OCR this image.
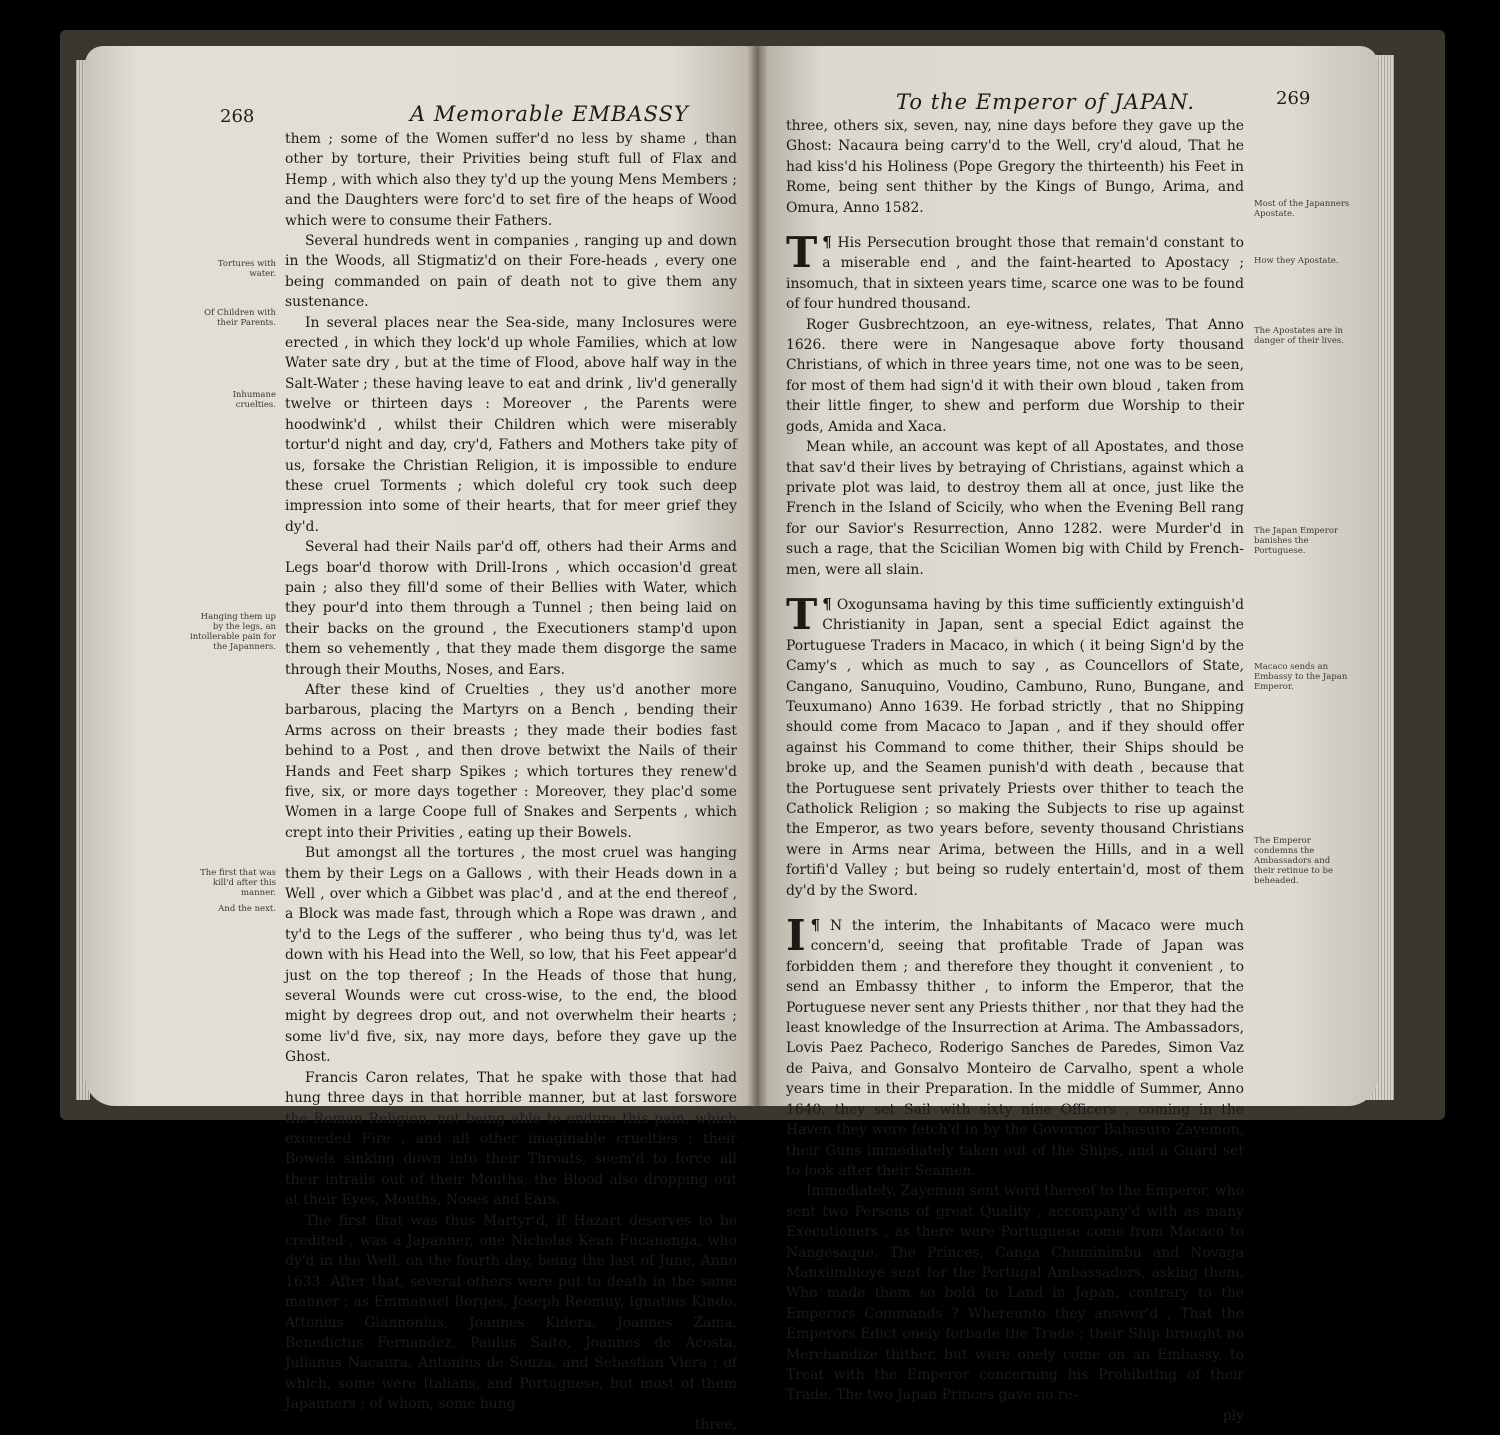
268	A Memorable EMBASSY

them ; some of the Women suffer'd no less by shame , than other by torture, their Privities being stuft full of Flax and Hemp , with which also they ty'd up the young Mens Members ; and the Daughters were forc'd to set fire of the heaps of Wood which were to consume their Fathers.

Several hundreds went in companies , ranging up and down in the Woods, all Stigmatiz'd on their Fore-heads , every one being commanded on pain of death not to give them any sustenance.

In several places near the Sea-side, many Inclosures were erected , in which they lock'd up whole Families, which at low Water sate dry , but at the time of Flood, above half way in the Salt-Water ; these having leave to eat and drink , liv'd generally twelve or thirteen days : Moreover , the Parents were hoodwink'd , whilst their Children which were miserably tortur'd night and day, cry'd, Fathers and Mothers take pity of us, forsake the Christian Religion, it is impossible to endure these cruel Torments ; which doleful cry took such deep impression into some of their hearts, that for meer grief they dy'd.

Several had their Nails par'd off, others had their Arms and Legs boar'd thorow with Drill-Irons , which occasion'd great pain ; also they fill'd some of their Bellies with Water, which they pour'd into them through a Tunnel ; then being laid on their backs on the ground , the Executioners stamp'd upon them so vehemently , that they made them disgorge the same through their Mouths, Noses, and Ears.

After these kind of Cruelties , they us'd another more barbarous, placing the Martyrs on a Bench , bending their Arms across on their breasts ; they made their bodies fast behind to a Post , and then drove betwixt the Nails of their Hands and Feet sharp Spikes ; which tortures they renew'd five, six, or more days together : Moreover, they plac'd some Women in a large Coope full of Snakes and Serpents , which crept into their Privities , eating up their Bowels.

But amongst all the tortures , the most cruel was hanging them by their Legs on a Gallows , with their Heads down in a Well , over which a Gibbet was plac'd , and at the end thereof , a Block was made fast, through which a Rope was drawn , and ty'd to the Legs of the sufferer , who being thus ty'd, was let down with his Head into the Well, so low, that his Feet appear'd just on the top thereof ; In the Heads of those that hung, several Wounds were cut cross-wise, to the end, the blood might by degrees drop out, and not overwhelm their hearts ; some liv'd five, six, nay more days, before they gave up the Ghost.

Francis Caron relates, That he spake with those that had hung three days in that horrible manner, but at last forswore the Roman Religion, not being able to endure this pain, which exceeded Fire , and all other imaginable cruelties ; their Bowels sinking down into their Throats, seem'd to force all their intrails out of their Mouths, the Blood also dropping out at their Eyes, Mouths, Noses and Ears.

The first that was thus Martyr'd, if Hazart deserves to be credited , was a Japanner, one Nicholas Kean Fucananga, who dy'd in the Well, on the fourth day, being the last of June, Anno 1633. After that, several others were put to death in the same manner ; as Emmanuel Borges, Joseph Reomuy, Ignatius Kindo, Attonius Giannonius, Joannes Kidera, Joannes Zama, Benedictus Fernandez, Paulus Saito, Joannes de Acosta, Julianus Nacaura, Antonius de Souza, and Sebastian Viera ; of which, some were Italians, and Portuguese, but most of them Japanners ; of whom, some hung

three,
Tortures with water.
Of Children with their Parents.
Inhumane cruelties.
Hanging them up by the legs, an intollerable pain for the Japanners.
The first that was kill'd after this manner.
And the next.
To the Emperor of JAPAN.	269

three, others six, seven, nay, nine days before they gave up the Ghost: Nacaura being carry'd to the Well, cry'd aloud, That he had kiss'd his Holiness (Pope Gregory the thirteenth) his Feet in Rome, being sent thither by the Kings of Bungo, Arima, and Omura, Anno 1582.

¶
T His Persecution brought those that remain'd constant to a miserable end , and the faint-hearted to Apostacy ; insomuch, that in sixteen years time, scarce one was to be found of four hundred thousand.

Roger Gusbrechtzoon, an eye-witness, relates, That Anno 1626. there were in Nangesaque above forty thousand Christians, of which in three years time, not one was to be seen, for most of them had sign'd it with their own bloud , taken from their little finger, to shew and perform due Worship to their gods, Amida and Xaca.

Mean while, an account was kept of all Apostates, and those that sav'd their lives by betraying of Christians, against which a private plot was laid, to destroy them all at once, just like the French in the Island of Scicily, who when the Evening Bell rang for our Savior's Resurrection, Anno 1282. were Murder'd in such a rage, that the Scicilian Women big with Child by French-men, were all slain.

¶
T Oxogunsama having by this time sufficiently extinguish'd Christianity in Japan, sent a special Edict against the Portuguese Traders in Macaco, in which ( it being Sign'd by the Camy's , which as much to say , as Councellors of State, Cangano, Sanuquino, Voudino, Cambuno, Runo, Bungane, and Teuxumano) Anno 1639. He forbad strictly , that no Shipping should come from Macaco to Japan , and if they should offer against his Command to come thither, their Ships should be broke up, and the Seamen punish'd with death , because that the Portuguese sent privately Priests over thither to teach the Catholick Religion ; so making the Subjects to rise up against the Emperor, as two years before, seventy thousand Christians were in Arms near Arima, between the Hills, and in a well fortifi'd Valley ; but being so rudely entertain'd, most of them dy'd by the Sword.

¶
I N the interim, the Inhabitants of Macaco were much concern'd, seeing that profitable Trade of Japan was forbidden them ; and therefore they thought it convenient , to send an Embassy thither , to inform the Emperor, that the Portuguese never sent any Priests thither , nor that they had the least knowledge of the Insurrection at Arima. The Ambassadors, Lovis Paez Pacheco, Roderigo Sanches de Paredes, Simon Vaz de Paiva, and Gonsalvo Monteiro de Carvalho, spent a whole years time in their Preparation. In the middle of Summer, Anno 1640. they set Sail with sixty nine Officers , coming in the Haven they were fetch'd in by the Governor Babasuro Zayemon, their Guns immediately taken out of the Ships, and a Guard set to look after their Seamen.

Immediately, Zayemon sent word thereof to the Emperor, who sent two Persons of great Quality , accompany'd with as many Executioners , as there were Portuguese come from Macaco to Nangesaque. The Princes, Canga Chuminimbu and Novaga Manxiimbioye sent for the Portugal Ambassadors, asking them, Who made them so bold to Land in Japan, contrary to the Emperors Commands ? Whereunto they answer'd , That the Emperors Edict onely forbade the Trade ; their Ship brought no Merchandize thither, but were onely come on an Embassy, to Treat with the Emperor concerning his Prohibiting of their Trade. The two Japan Princes gave no re-

ply
Most of the Japanners Apostate.
How they Apostate.
The Apostates are in danger of their lives.
The Japan Emperor banishes the Portuguese.
Macaco sends an Embassy to the Japan Emperor.
The Emperor condemns the Ambassadors and their retinue to be beheaded.
